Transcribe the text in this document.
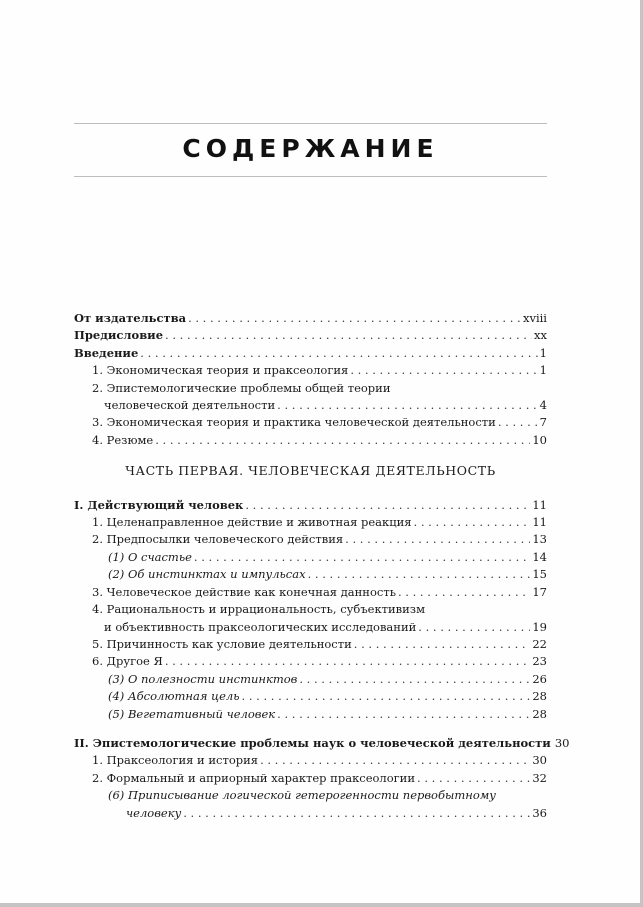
СОДЕРЖАНИЕ
От издательства . . .	xviii
Предисловие . . .	xx
Введение . . .	1
1. Экономическая теория и праксеология . . .	1
2. Эпистемологические проблемы общей теории
человеческой деятельности . . .	4
3. Экономическая теория и практика человеческой деятельности . . .	7
4. Резюме . . .	10
ЧАСТЬ ПЕРВАЯ. ЧЕЛОВЕЧЕСКАЯ ДЕЯТЕЛЬНОСТЬ
I. Действующий человек . . .	11
1. Целенаправленное действие и животная реакция . . .	11
2. Предпосылки человеческого действия . . .	13
(1) О счастье . . .	14
(2) Об инстинктах и импульсах . . .	15
3. Человеческое действие как конечная данность . . .	17
4. Рациональность и иррациональность, субъективизм
и объективность праксеологических исследований . . .	19
5. Причинность как условие деятельности . . .	22
6. Другое Я . . .	23
(3) О полезности инстинктов . . .	26
(4) Абсолютная цель . . .	28
(5) Вегетативный человек . . .	28
II. Эпистемологические проблемы наук о человеческой деятельности 30
1. Праксеология и история . . .	30
2. Формальный и априорный характер праксеологии . . .	32
(6) Приписывание логической гетерогенности первобытному
человеку . . .	36
